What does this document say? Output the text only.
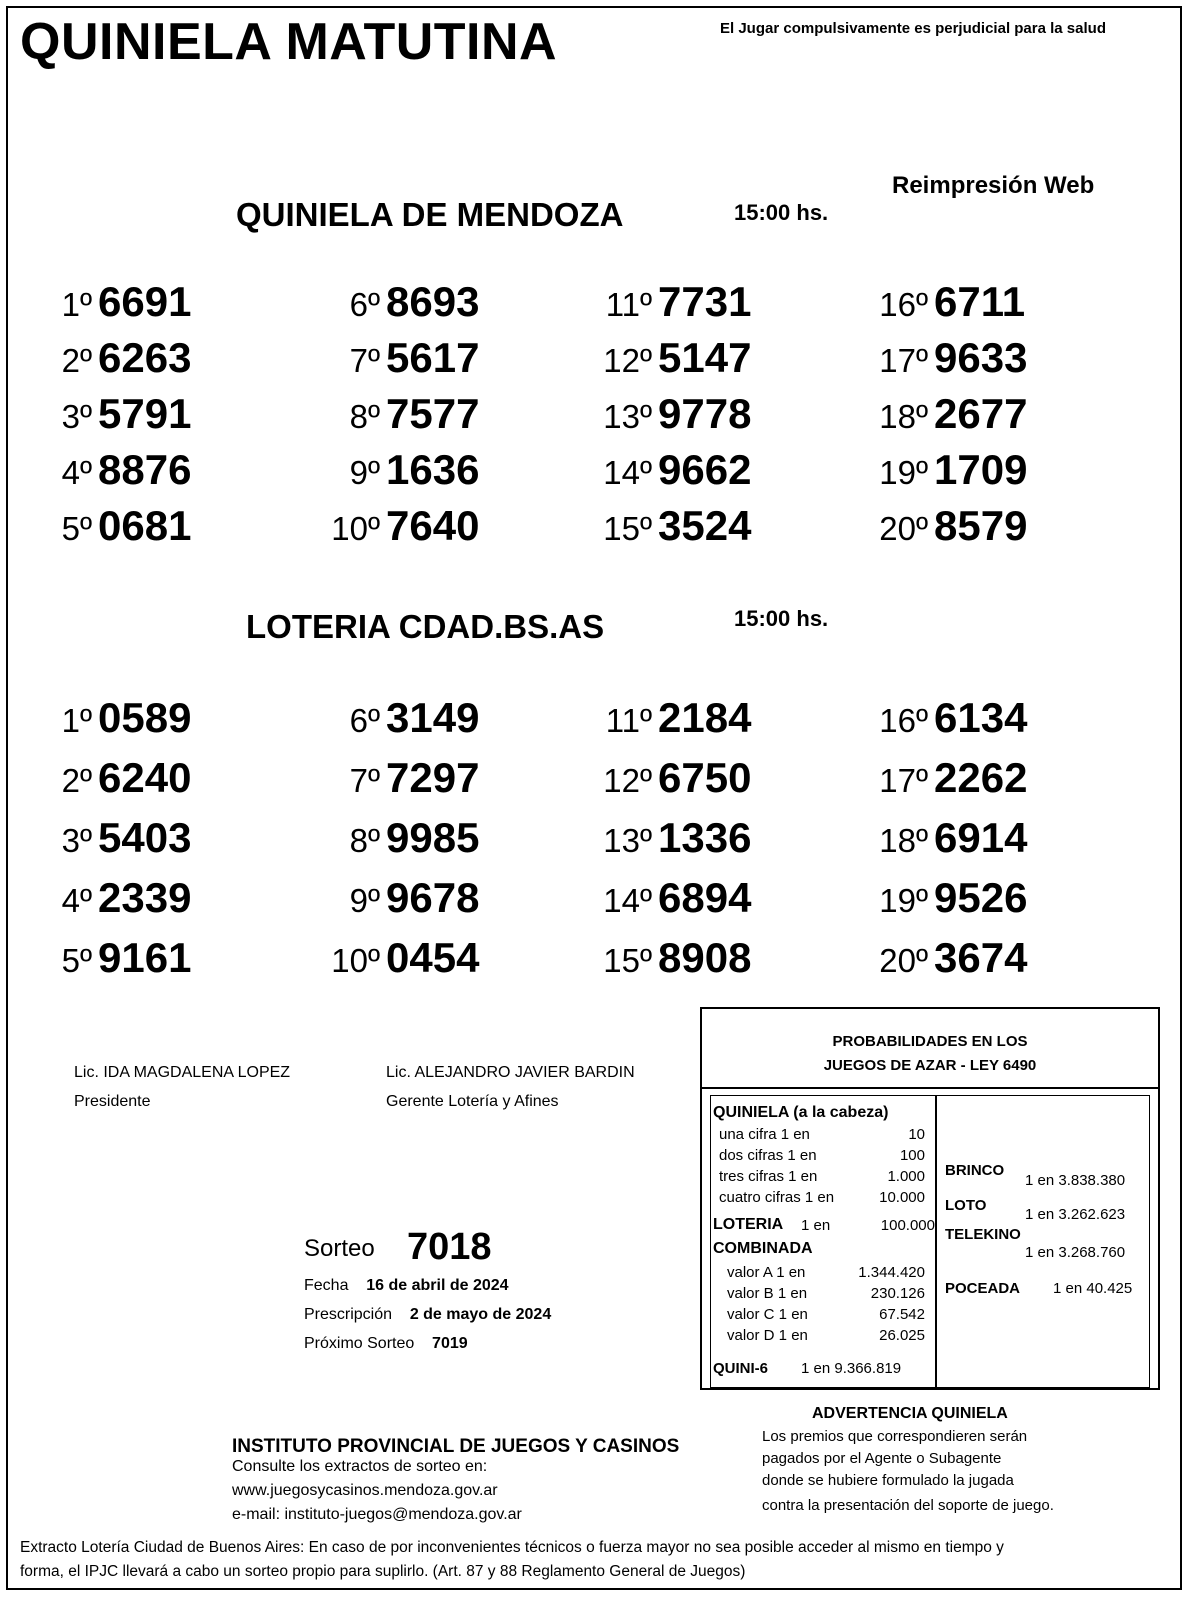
QUINIELA MATUTINA	El Jugar compulsivamente es perjudicial para la salud
Reimpresión Web
QUINIELA DE MENDOZA	15:00 hs.
1º 6691	6º 8693	11º 7731	16º 6711
2º 6263	7º 5617	12º 5147	17º 9633
3º 5791	8º 7577	13º 9778	18º 2677
4º 8876	9º 1636	14º 9662	19º 1709
5º 0681	10º 7640	15º 3524	20º 8579
LOTERIA CDAD.BS.AS	15:00 hs.
1º 0589	6º 3149	11º 2184	16º 6134
2º 6240	7º 7297	12º 6750	17º 2262
3º 5403	8º 9985	13º 1336	18º 6914
4º 2339	9º 9678	14º 6894	19º 9526
5º 9161	10º 0454	15º 8908	20º 3674
Lic. IDA MAGDALENA LOPEZ
Presidente
Lic. ALEJANDRO JAVIER BARDIN
Gerente Lotería y Afines
Sorteo 7018
Fecha 16 de abril de 2024
Prescripción 2 de mayo de 2024
Próximo Sorteo 7019
INSTITUTO PROVINCIAL DE JUEGOS Y CASINOS
Consulte los extractos de sorteo en:
www.juegosycasinos.mendoza.gov.ar
e-mail: instituto-juegos@mendoza.gov.ar
PROBABILIDADES EN LOS
JUEGOS DE AZAR - LEY 6490
QUINIELA (a la cabeza)
una cifra 1 en	10
dos cifras 1 en	100
tres cifras 1 en	1.000
cuatro cifras 1 en	10.000
LOTERIA 1 en	100.000
COMBINADA
valor A 1 en	1.344.420
valor B 1 en	230.126
valor C 1 en	67.542
valor D 1 en	26.025
QUINI-6 1 en 9.366.819
BRINCO
1 en 3.838.380
LOTO
1 en 3.262.623
TELEKINO
1 en 3.268.760
POCEADA 1 en 40.425
ADVERTENCIA QUINIELA
Los premios que correspondieren serán
pagados por el Agente o Subagente
donde se hubiere formulado la jugada
contra la presentación del soporte de juego.
Extracto Lotería Ciudad de Buenos Aires: En caso de por inconvenientes técnicos o fuerza mayor no sea posible acceder al mismo en tiempo y
forma, el IPJC llevará a cabo un sorteo propio para suplirlo. (Art. 87 y 88 Reglamento General de Juegos)
